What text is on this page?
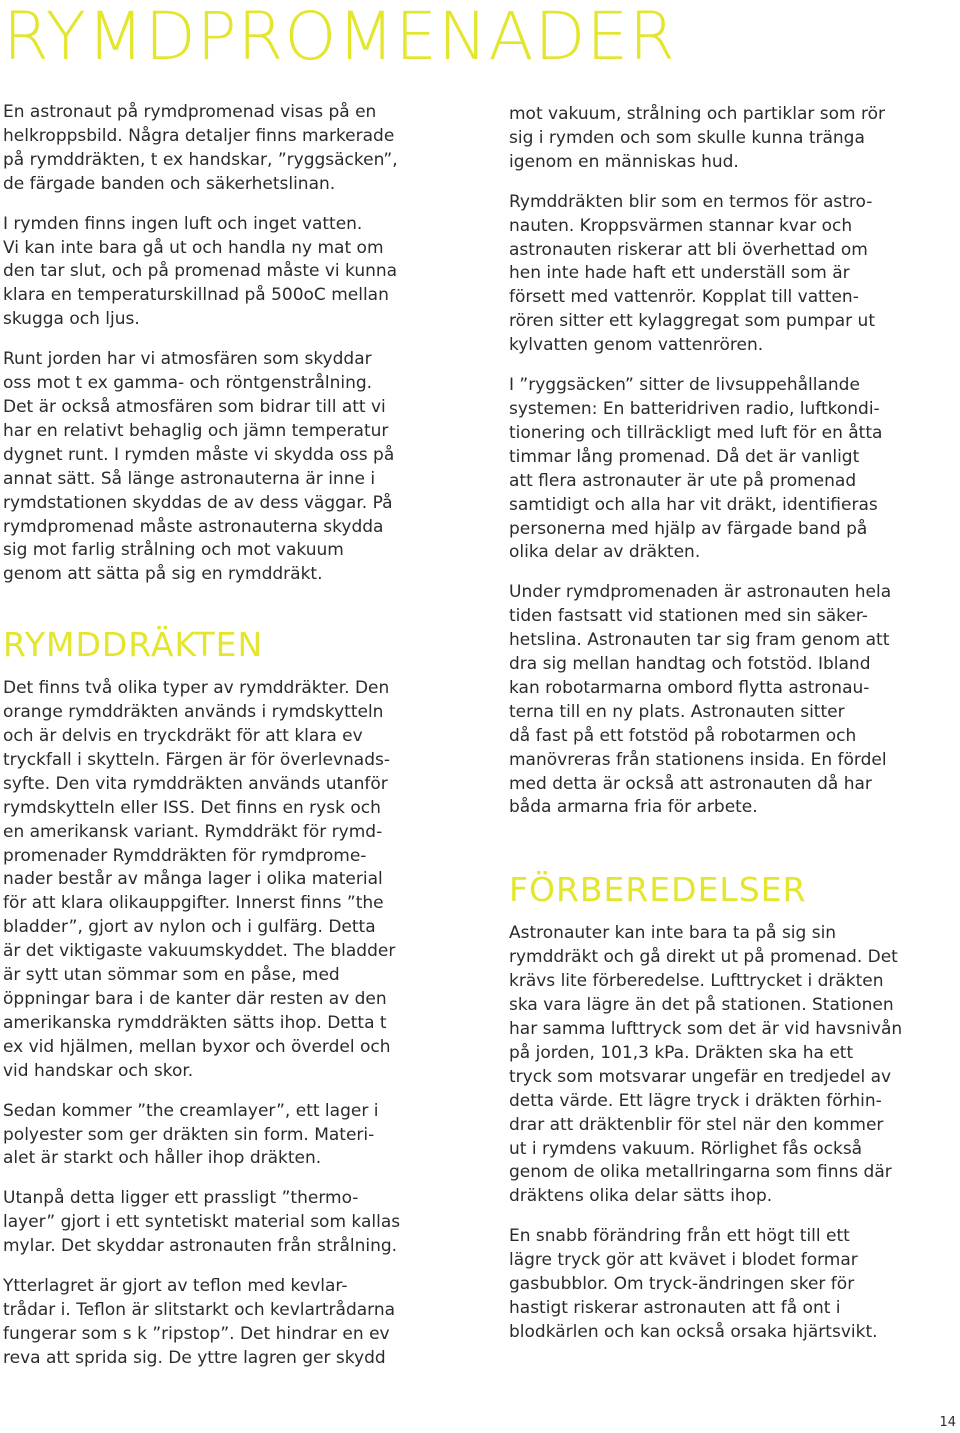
RYMDPROMENADER

En astronaut på rymdpromenad visas på en
helkroppsbild. Några detaljer finns markerade
på rymddräkten, t ex handskar, ”ryggsäcken”,
de färgade banden och säkerhetslinan.

I rymden finns ingen luft och inget vatten.
Vi kan inte bara gå ut och handla ny mat om
den tar slut, och på promenad måste vi kunna
klara en temperaturskillnad på 500oC mellan
skugga och ljus.

Runt jorden har vi atmosfären som skyddar
oss mot t ex gamma- och röntgenstrålning.
Det är också atmosfären som bidrar till att vi
har en relativt behaglig och jämn temperatur
dygnet runt. I rymden måste vi skydda oss på
annat sätt. Så länge astronauterna är inne i
rymdstationen skyddas de av dess väggar. På
rymdpromenad måste astronauterna skydda
sig mot farlig strålning och mot vakuum
genom att sätta på sig en rymddräkt.

RYMDDRÄKTEN

Det finns två olika typer av rymddräkter. Den
orange rymddräkten används i rymdskytteln
och är delvis en tryckdräkt för att klara ev
tryckfall i skytteln. Färgen är för överlevnads-
syfte. Den vita rymddräkten används utanför
rymdskytteln eller ISS. Det finns en rysk och
en amerikansk variant. Rymddräkt för rymd-
promenader Rymddräkten för rymdprome-
nader består av många lager i olika material
för att klara olikauppgifter. Innerst finns ”the
bladder”, gjort av nylon och i gulfärg. Detta
är det viktigaste vakuumskyddet. The bladder
är sytt utan sömmar som en påse, med
öppningar bara i de kanter där resten av den
amerikanska rymddräkten sätts ihop. Detta t
ex vid hjälmen, mellan byxor och överdel och
vid handskar och skor.

Sedan kommer ”the creamlayer”, ett lager i
polyester som ger dräkten sin form. Materi-
alet är starkt och håller ihop dräkten.

Utanpå detta ligger ett prassligt ”thermo-
layer” gjort i ett syntetiskt material som kallas
mylar. Det skyddar astronauten från strålning.

Ytterlagret är gjort av teflon med kevlar-
trådar i. Teflon är slitstarkt och kevlartrådarna
fungerar som s k ”ripstop”. Det hindrar en ev
reva att sprida sig. De yttre lagren ger skydd

mot vakuum, strålning och partiklar som rör
sig i rymden och som skulle kunna tränga
igenom en människas hud.

Rymddräkten blir som en termos för astro-
nauten. Kroppsvärmen stannar kvar och
astronauten riskerar att bli överhettad om
hen inte hade haft ett underställ som är
försett med vattenrör. Kopplat till vatten-
rören sitter ett kylaggregat som pumpar ut
kylvatten genom vattenrören.

I ”ryggsäcken” sitter de livsuppehållande
systemen: En batteridriven radio, luftkondi-
tionering och tillräckligt med luft för en åtta
timmar lång promenad. Då det är vanligt
att flera astronauter är ute på promenad
samtidigt och alla har vit dräkt, identifieras
personerna med hjälp av färgade band på
olika delar av dräkten.

Under rymdpromenaden är astronauten hela
tiden fastsatt vid stationen med sin säker-
hetslina. Astronauten tar sig fram genom att
dra sig mellan handtag och fotstöd. Ibland
kan robotarmarna ombord flytta astronau-
terna till en ny plats. Astronauten sitter
då fast på ett fotstöd på robotarmen och
manövreras från stationens insida. En fördel
med detta är också att astronauten då har
båda armarna fria för arbete.

FÖRBEREDELSER

Astronauter kan inte bara ta på sig sin
rymddräkt och gå direkt ut på promenad. Det
krävs lite förberedelse. Lufttrycket i dräkten
ska vara lägre än det på stationen. Stationen
har samma lufttryck som det är vid havsnivån
på jorden, 101,3 kPa. Dräkten ska ha ett
tryck som motsvarar ungefär en tredjedel av
detta värde. Ett lägre tryck i dräkten förhin-
drar att dräktenblir för stel när den kommer
ut i rymdens vakuum. Rörlighet fås också
genom de olika metallringarna som finns där
dräktens olika delar sätts ihop.

En snabb förändring från ett högt till ett
lägre tryck gör att kvävet i blodet formar
gasbubblor. Om tryck-ändringen sker för
hastigt riskerar astronauten att få ont i
blodkärlen och kan också orsaka hjärtsvikt.

14
